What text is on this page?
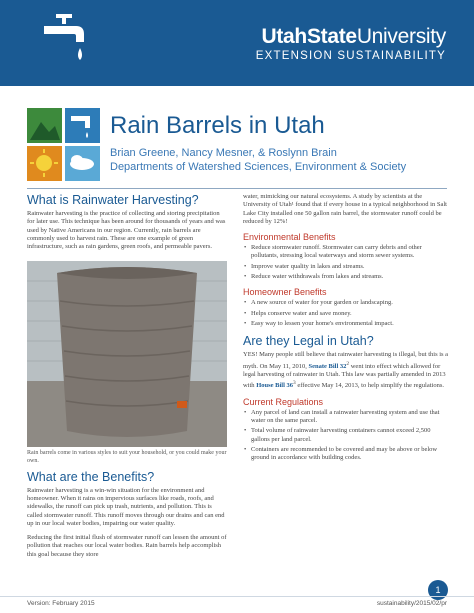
UtahStateUniversity
EXTENSION SUSTAINABILITY
Rain Barrels in Utah
Brian Greene, Nancy Mesner, & Roslynn Brain
Departments of Watershed Sciences, Environment & Society
What is Rainwater Harvesting?

Rainwater harvesting is the practice of collecting and storing precipitation for later use. This technique has been around for thousands of years and was used by Native Americans in our region. Currently, rain barrels are commonly used to harvest rain. These are one example of green infrastructure, such as rain gardens, green roofs, and permeable pavers.

Rain barrels come in various styles to suit your household, or you could make your own.

What are the Benefits?

Rainwater harvesting is a win-win situation for the environment and homeowner. When it rains on impervious surfaces like roads, roofs, and sidewalks, the runoff can pick up trash, nutrients, and pollution. This is called stormwater runoff. This runoff moves through our drains and can end up in our local water bodies, impairing our water quality.

Reducing the first initial flush of stormwater runoff can lessen the amount of pollution that reaches our local water bodies. Rain barrels help accomplish this goal because they store

water, mimicking our natural ecosystems. A study by scientists at the University of Utah¹ found that if every house in a typical neighborhood in Salt Lake City installed one 50 gallon rain barrel, the stormwater runoff could be reduced by 12%!

Environmental Benefits
• Reduce stormwater runoff. Stormwater can carry debris and other pollutants, stressing local waterways and storm sewer systems.
• Improve water quality in lakes and streams.
• Reduce water withdrawals from lakes and streams.
Homeowner Benefits
• A new source of water for your garden or landscaping.
• Helps conserve water and save money.
• Easy way to lessen your home's environmental impact.
Are they Legal in Utah?

YES! Many people still believe that rainwater harvesting is illegal, but this is a myth. On May 11, 2010, Senate Bill $32^2$ went into effect which allowed for legal harvesting of rainwater in Utah. This law was partially amended in 2013 with House Bill $36^3$ effective May 14, 2013, to help simplify the regulations.

Current Regulations
• Any parcel of land can install a rainwater harvesting system and use that water on the same parcel.
• Total volume of rainwater harvesting containers cannot exceed 2,500 gallons per land parcel.
• Containers are recommended to be covered and may be above or below ground in accordance with building codes.
1
Version: February 2015	sustainability/2015/02/pr
